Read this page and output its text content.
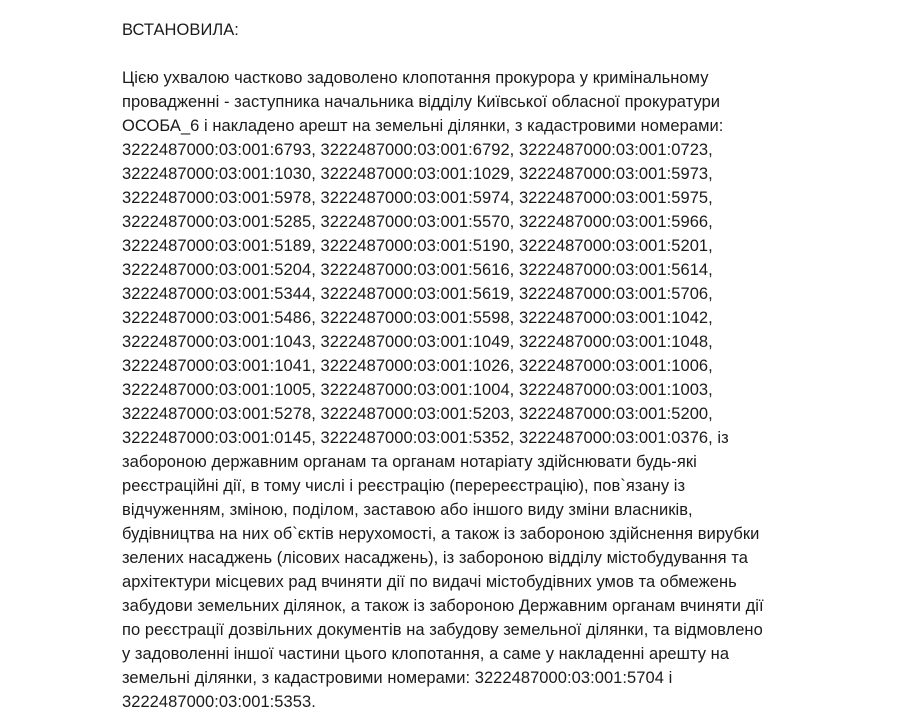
ВСТАНОВИЛА:

Цією ухвалою частково задоволено клопотання прокурора у кримінальному
провадженні - заступника начальника відділу Київської обласної прокуратури
ОСОБА_6 і накладено арешт на земельні ділянки, з кадастровими номерами:
3222487000:03:001:6793, 3222487000:03:001:6792, 3222487000:03:001:0723,
3222487000:03:001:1030, 3222487000:03:001:1029, 3222487000:03:001:5973,
3222487000:03:001:5978, 3222487000:03:001:5974, 3222487000:03:001:5975,
3222487000:03:001:5285, 3222487000:03:001:5570, 3222487000:03:001:5966,
3222487000:03:001:5189, 3222487000:03:001:5190, 3222487000:03:001:5201,
3222487000:03:001:5204, 3222487000:03:001:5616, 3222487000:03:001:5614,
3222487000:03:001:5344, 3222487000:03:001:5619, 3222487000:03:001:5706,
3222487000:03:001:5486, 3222487000:03:001:5598, 3222487000:03:001:1042,
3222487000:03:001:1043, 3222487000:03:001:1049, 3222487000:03:001:1048,
3222487000:03:001:1041, 3222487000:03:001:1026, 3222487000:03:001:1006,
3222487000:03:001:1005, 3222487000:03:001:1004, 3222487000:03:001:1003,
3222487000:03:001:5278, 3222487000:03:001:5203, 3222487000:03:001:5200,
3222487000:03:001:0145, 3222487000:03:001:5352, 3222487000:03:001:0376, із
забороною державним органам та органам нотаріату здійснювати будь-які
реєстраційні дії, в тому числі і реєстрацію (перереєстрацію), пов`язану із
відчуженням, зміною, поділом, заставою або іншого виду зміни власників,
будівництва на них об`єктів нерухомості, а також із забороною здійснення вирубки
зелених насаджень (лісових насаджень), із забороною відділу містобудування та
архітектури місцевих рад вчиняти дії по видачі містобудівних умов та обмежень
забудови земельних ділянок, а також із забороною Державним органам вчиняти дії
по реєстрації дозвільних документів на забудову земельної ділянки, та відмовлено
у задоволенні іншої частини цього клопотання, а саме у накладенні арешту на
земельні ділянки, з кадастровими номерами: 3222487000:03:001:5704 і
3222487000:03:001:5353.
